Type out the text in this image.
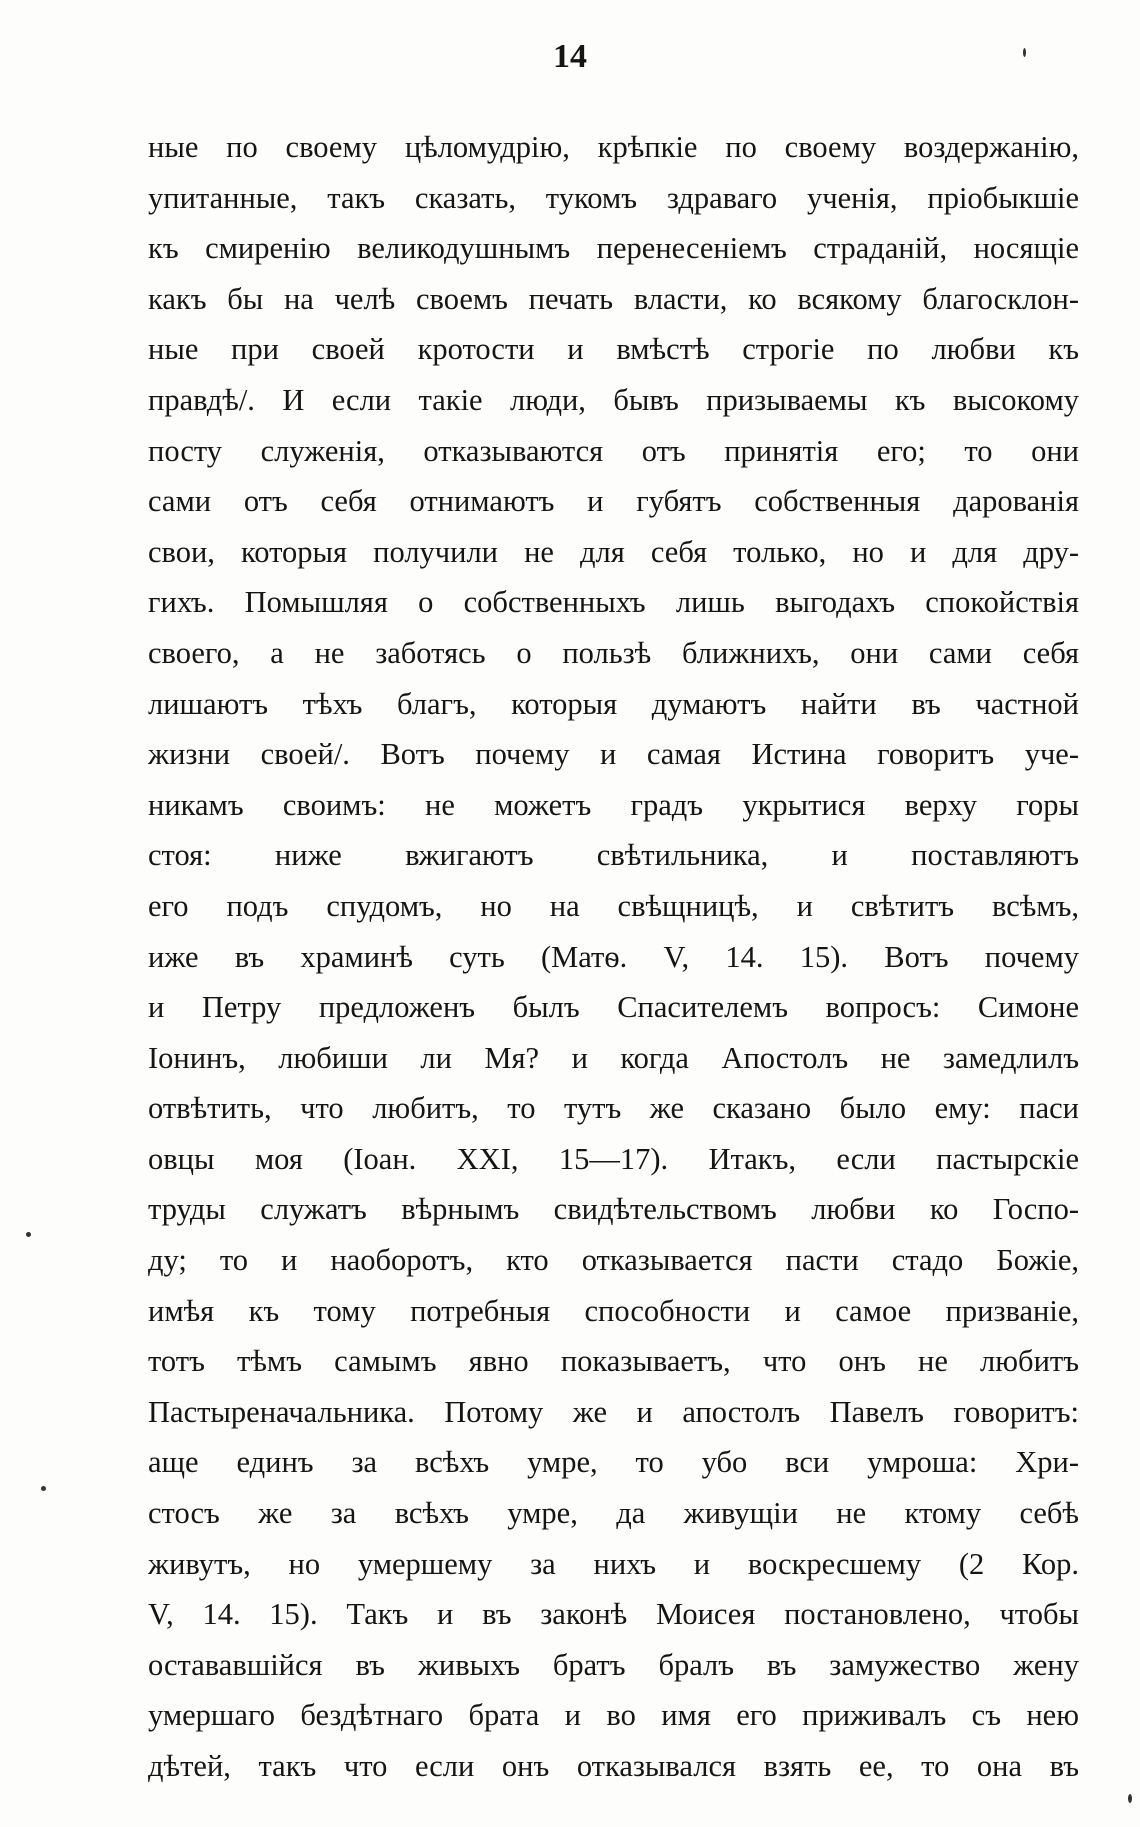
14
ные по своему цѣломудрію, крѣпкіе по своему воздержанію,
упитанные, такъ сказать, тукомъ здраваго ученія, пріобыкшіе
къ смиренію великодушнымъ перенесеніемъ страданій, носящіе
какъ бы на челѣ своемъ печать власти, ко всякому благосклон-
ные при своей кротости и вмѣстѣ строгіе по любви къ
правдѣ/. И если такіе люди, бывъ призываемы къ высокому
посту служенія, отказываются отъ принятія его; то они
сами отъ себя отнимаютъ и губятъ собственныя дарованія
свои, которыя получили не для себя только, но и для дру-
гихъ. Помышляя о собственныхъ лишь выгодахъ спокойствія
своего, а не заботясь о пользѣ ближнихъ, они сами себя
лишаютъ тѣхъ благъ, которыя думаютъ найти въ частной
жизни своей/. Вотъ почему и самая Истина говоритъ уче-
никамъ своимъ: не можетъ градъ укрытися верху горы
стоя: ниже вжигаютъ свѣтильника, и поставляютъ
его подъ спудомъ, но на свѣщницѣ, и свѣтитъ всѣмъ,
иже въ храминѣ суть (Матѳ. V, 14. 15). Вотъ почему
и Петру предложенъ былъ Спасителемъ вопросъ: Симоне
Іонинъ, любиши ли Мя? и когда Апостолъ не замедлилъ
отвѣтить, что любитъ, то тутъ же сказано было ему: паси
овцы моя (Іоан. XXI, 15—17). Итакъ, если пастырскіе
труды служатъ вѣрнымъ свидѣтельствомъ любви ко Госпо-
ду; то и наоборотъ, кто отказывается пасти стадо Божіе,
имѣя къ тому потребныя способности и самое призваніе,
тотъ тѣмъ самымъ явно показываетъ, что онъ не любитъ
Пастыреначальника. Потому же и апостолъ Павелъ говоритъ:
аще единъ за всѣхъ умре, то убо вси умроша: Хри-
стосъ же за всѣхъ умре, да живущіи не ктому себѣ
живутъ, но умершему за нихъ и воскресшему (2 Кор.
V, 14. 15). Такъ и въ законѣ Моисея постановлено, чтобы
остававшійся въ живыхъ братъ бралъ въ замужество жену
умершаго бездѣтнаго брата и во имя его приживалъ съ нею
дѣтей, такъ что если онъ отказывался взять ее, то она въ
